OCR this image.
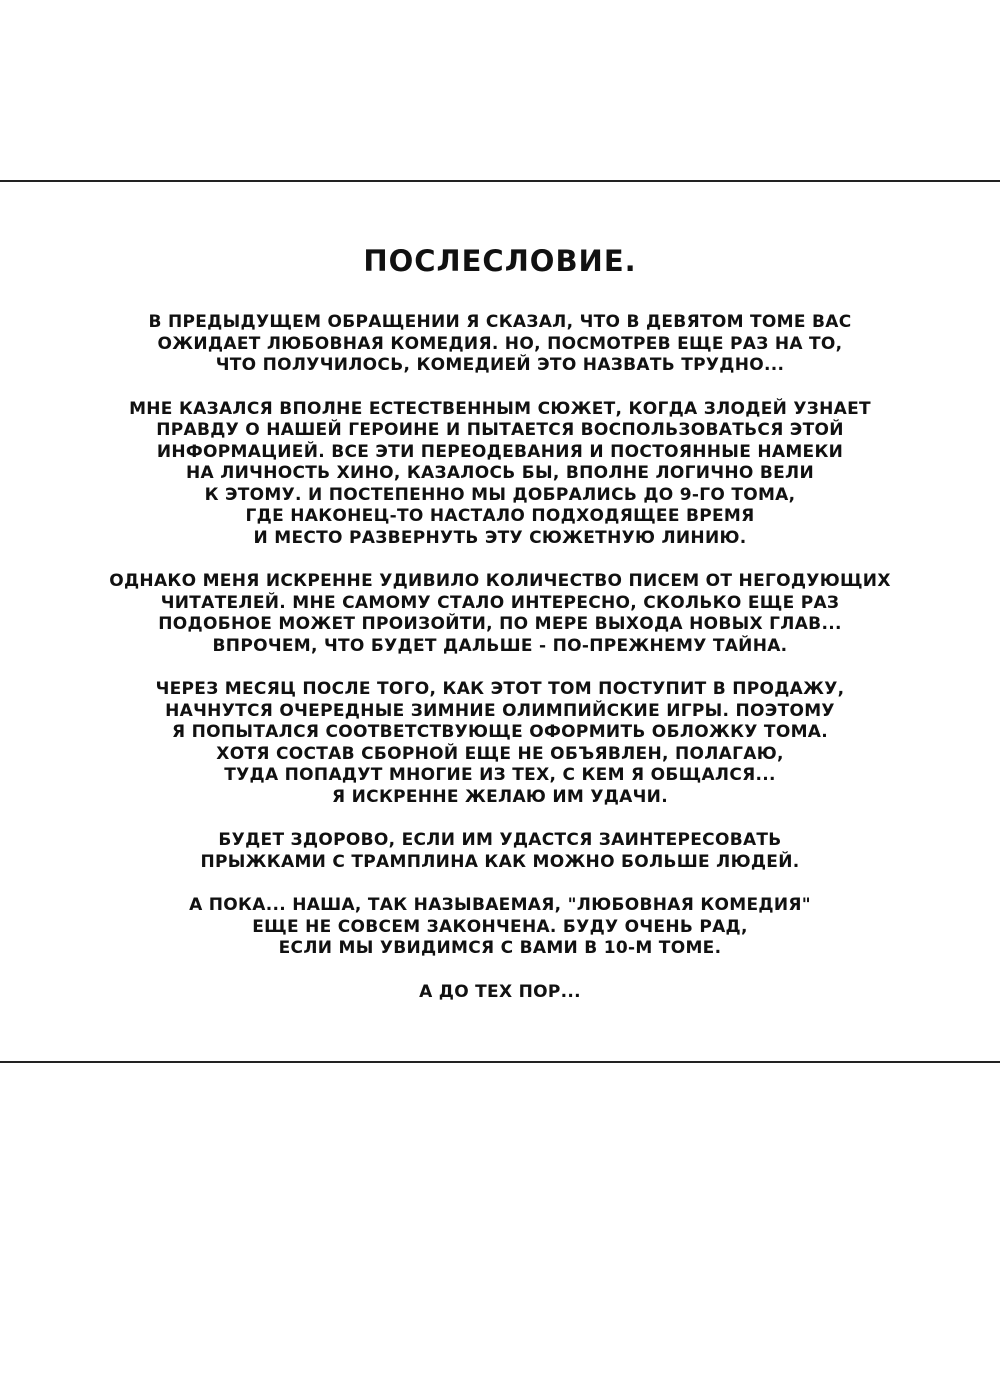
ПОСЛЕСЛОВИЕ.
В ПРЕДЫДУЩЕМ ОБРАЩЕНИИ Я СКАЗАЛ, ЧТО В ДЕВЯТОМ ТОМЕ ВАС
ОЖИДАЕТ ЛЮБОВНАЯ КОМЕДИЯ. НО, ПОСМОТРЕВ ЕЩЕ РАЗ НА ТО,
ЧТО ПОЛУЧИЛОСЬ, КОМЕДИЕЙ ЭТО НАЗВАТЬ ТРУДНО...
МНЕ КАЗАЛСЯ ВПОЛНЕ ЕСТЕСТВЕННЫМ СЮЖЕТ, КОГДА ЗЛОДЕЙ УЗНАЕТ
ПРАВДУ О НАШЕЙ ГЕРОИНЕ И ПЫТАЕТСЯ ВОСПОЛЬЗОВАТЬСЯ ЭТОЙ
ИНФОРМАЦИЕЙ. ВСЕ ЭТИ ПЕРЕОДЕВАНИЯ И ПОСТОЯННЫЕ НАМЕКИ
НА ЛИЧНОСТЬ ХИНО, КАЗАЛОСЬ БЫ, ВПОЛНЕ ЛОГИЧНО ВЕЛИ
К ЭТОМУ. И ПОСТЕПЕННО МЫ ДОБРАЛИСЬ ДО 9-ГО ТОМА,
ГДЕ НАКОНЕЦ-ТО НАСТАЛО ПОДХОДЯЩЕЕ ВРЕМЯ
И МЕСТО РАЗВЕРНУТЬ ЭТУ СЮЖЕТНУЮ ЛИНИЮ.
ОДНАКО МЕНЯ ИСКРЕННЕ УДИВИЛО КОЛИЧЕСТВО ПИСЕМ ОТ НЕГОДУЮЩИХ
ЧИТАТЕЛЕЙ. МНЕ САМОМУ СТАЛО ИНТЕРЕСНО, СКОЛЬКО ЕЩЕ РАЗ
ПОДОБНОЕ МОЖЕТ ПРОИЗОЙТИ, ПО МЕРЕ ВЫХОДА НОВЫХ ГЛАВ...
ВПРОЧЕМ, ЧТО БУДЕТ ДАЛЬШЕ - ПО-ПРЕЖНЕМУ ТАЙНА.
ЧЕРЕЗ МЕСЯЦ ПОСЛЕ ТОГО, КАК ЭТОТ ТОМ ПОСТУПИТ В ПРОДАЖУ,
НАЧНУТСЯ ОЧЕРЕДНЫЕ ЗИМНИЕ ОЛИМПИЙСКИЕ ИГРЫ. ПОЭТОМУ
Я ПОПЫТАЛСЯ СООТВЕТСТВУЮЩЕ ОФОРМИТЬ ОБЛОЖКУ ТОМА.
ХОТЯ СОСТАВ СБОРНОЙ ЕЩЕ НЕ ОБЪЯВЛЕН, ПОЛАГАЮ,
ТУДА ПОПАДУТ МНОГИЕ ИЗ ТЕХ, С КЕМ Я ОБЩАЛСЯ...
Я ИСКРЕННЕ ЖЕЛАЮ ИМ УДАЧИ.
БУДЕТ ЗДОРОВО, ЕСЛИ ИМ УДАСТСЯ ЗАИНТЕРЕСОВАТЬ
ПРЫЖКАМИ С ТРАМПЛИНА КАК МОЖНО БОЛЬШЕ ЛЮДЕЙ.
А ПОКА... НАША, ТАК НАЗЫВАЕМАЯ, "ЛЮБОВНАЯ КОМЕДИЯ"
ЕЩЕ НЕ СОВСЕМ ЗАКОНЧЕНА. БУДУ ОЧЕНЬ РАД,
ЕСЛИ МЫ УВИДИМСЯ С ВАМИ В 10-М ТОМЕ.
А ДО ТЕХ ПОР...
